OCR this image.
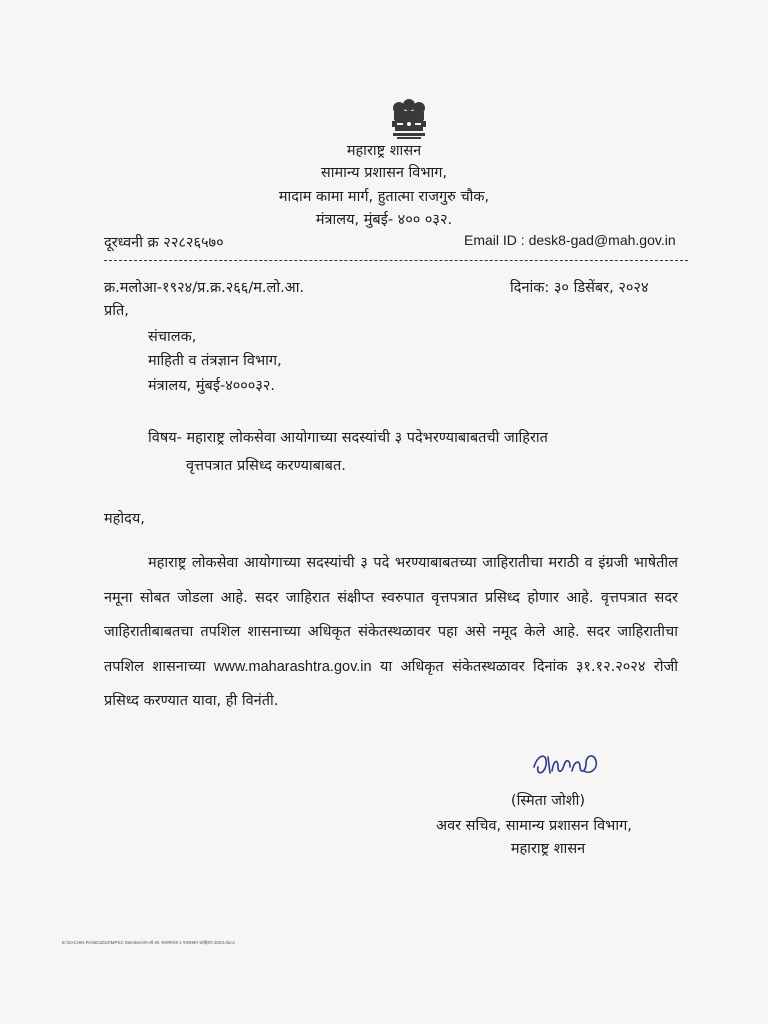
महाराष्ट्र शासन
सामान्य प्रशासन विभाग,
मादाम कामा मार्ग, हुतात्मा राजगुरु चौक,
मंत्रालय, मुंबई- ४०० ०३२.
दूरध्वनी क्र २२८२६५७०	Email ID : desk8-gad@mah.gov.in
क्र.मलोआ-१९२४/प्र.क्र.२६६/म.लो.आ.	दिनांक: ३० डिसेंबर, २०२४
प्रति,
संचालक,
माहिती व तंत्रज्ञान विभाग,
मंत्रालय, मुंबई-४०००३२.
विषय- महाराष्ट्र लोकसेवा आयोगाच्या सदस्यांची ३ पदेभरण्याबाबतची जाहिरात
वृत्तपत्रात प्रसिध्द करण्याबाबत.
महोदय,
महाराष्ट्र लोकसेवा आयोगाच्या सदस्यांची ३ पदे भरण्याबाबतच्या जाहिरातीचा मराठी व इंग्रजी भाषेतील नमूना सोबत जोडला आहे. सदर जाहिरात संक्षीप्त स्वरुपात वृत्तपत्रात प्रसिध्द होणार आहे. वृत्तपत्रात सदर जाहिरातीबाबतचा तपशिल शासनाच्या अधिकृत संकेतस्थळावर पहा असे नमूद केले आहे. सदर जाहिरातीचा तपशिल शासनाच्या www.maharashtra.gov.in या अधिकृत संकेतस्थळावर दिनांक ३१.१२.२०२४ रोजी प्रसिध्द करण्यात यावा, ही विनंती.
(स्मिता जोशी)
अवर सचिव, सामान्य प्रशासन विभाग,
महाराष्ट्र शासन
E:\SACHIN RANE\2024\MPSC Members\म.लो.आ. सदस्यांच्या ३ पदाबाबत जाहिरात 2024.docx
